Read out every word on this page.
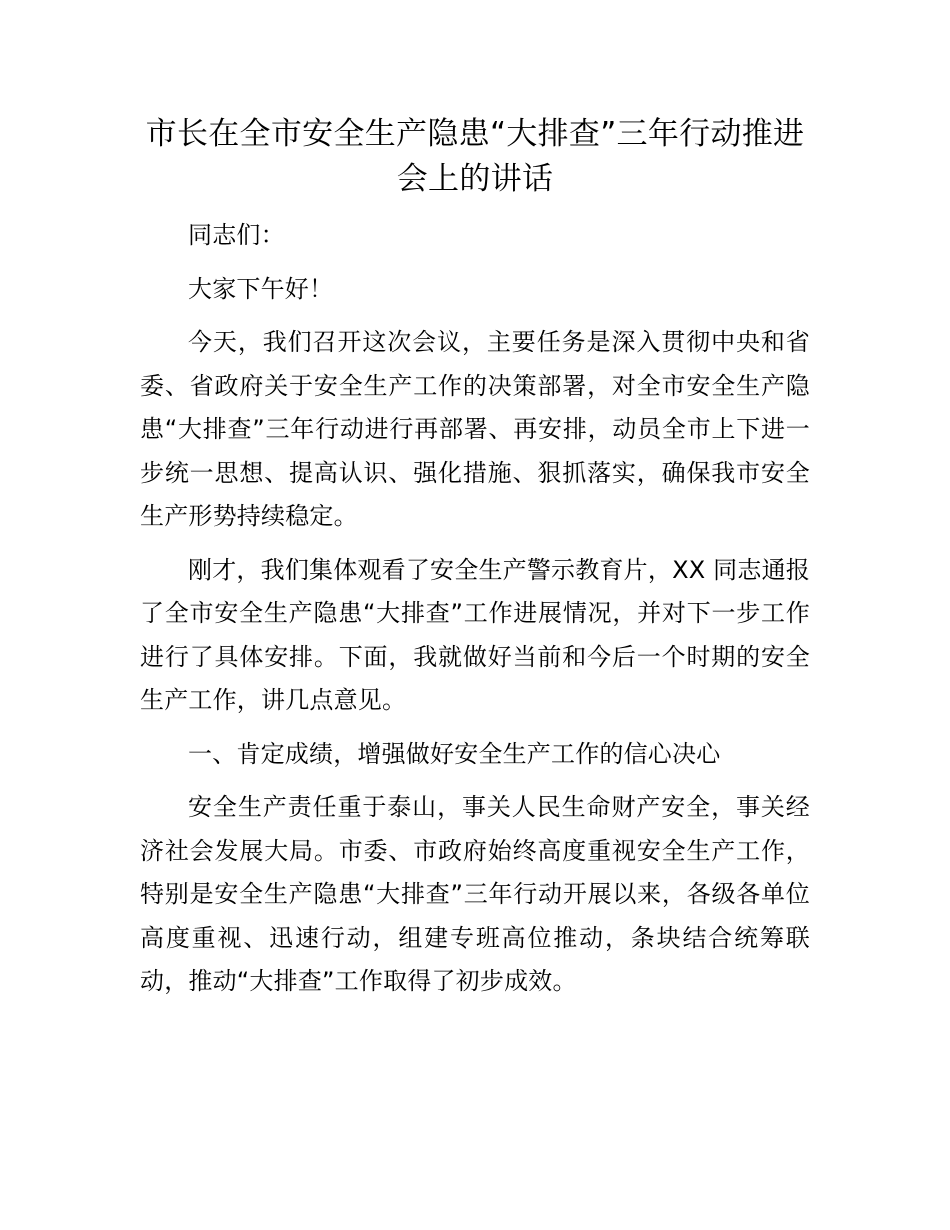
市长在全市安全生产隐患“大排查”三年行动推进会上的讲话

同志们：

大家下午好！

今天，我们召开这次会议，主要任务是深入贯彻中央和省委、省政府关于安全生产工作的决策部署，对全市安全生产隐患“大排查”三年行动进行再部署、再安排，动员全市上下进一步统一思想、提高认识、强化措施、狠抓落实，确保我市安全生产形势持续稳定。

刚才，我们集体观看了安全生产警示教育片，XX 同志通报了全市安全生产隐患“大排查”工作进展情况，并对下一步工作进行了具体安排。下面，我就做好当前和今后一个时期的安全生产工作，讲几点意见。

一、肯定成绩，增强做好安全生产工作的信心决心

安全生产责任重于泰山，事关人民生命财产安全，事关经济社会发展大局。市委、市政府始终高度重视安全生产工作，特别是安全生产隐患“大排查”三年行动开展以来，各级各单位高度重视、迅速行动，组建专班高位推动，条块结合统筹联动，推动“大排查”工作取得了初步成效。
